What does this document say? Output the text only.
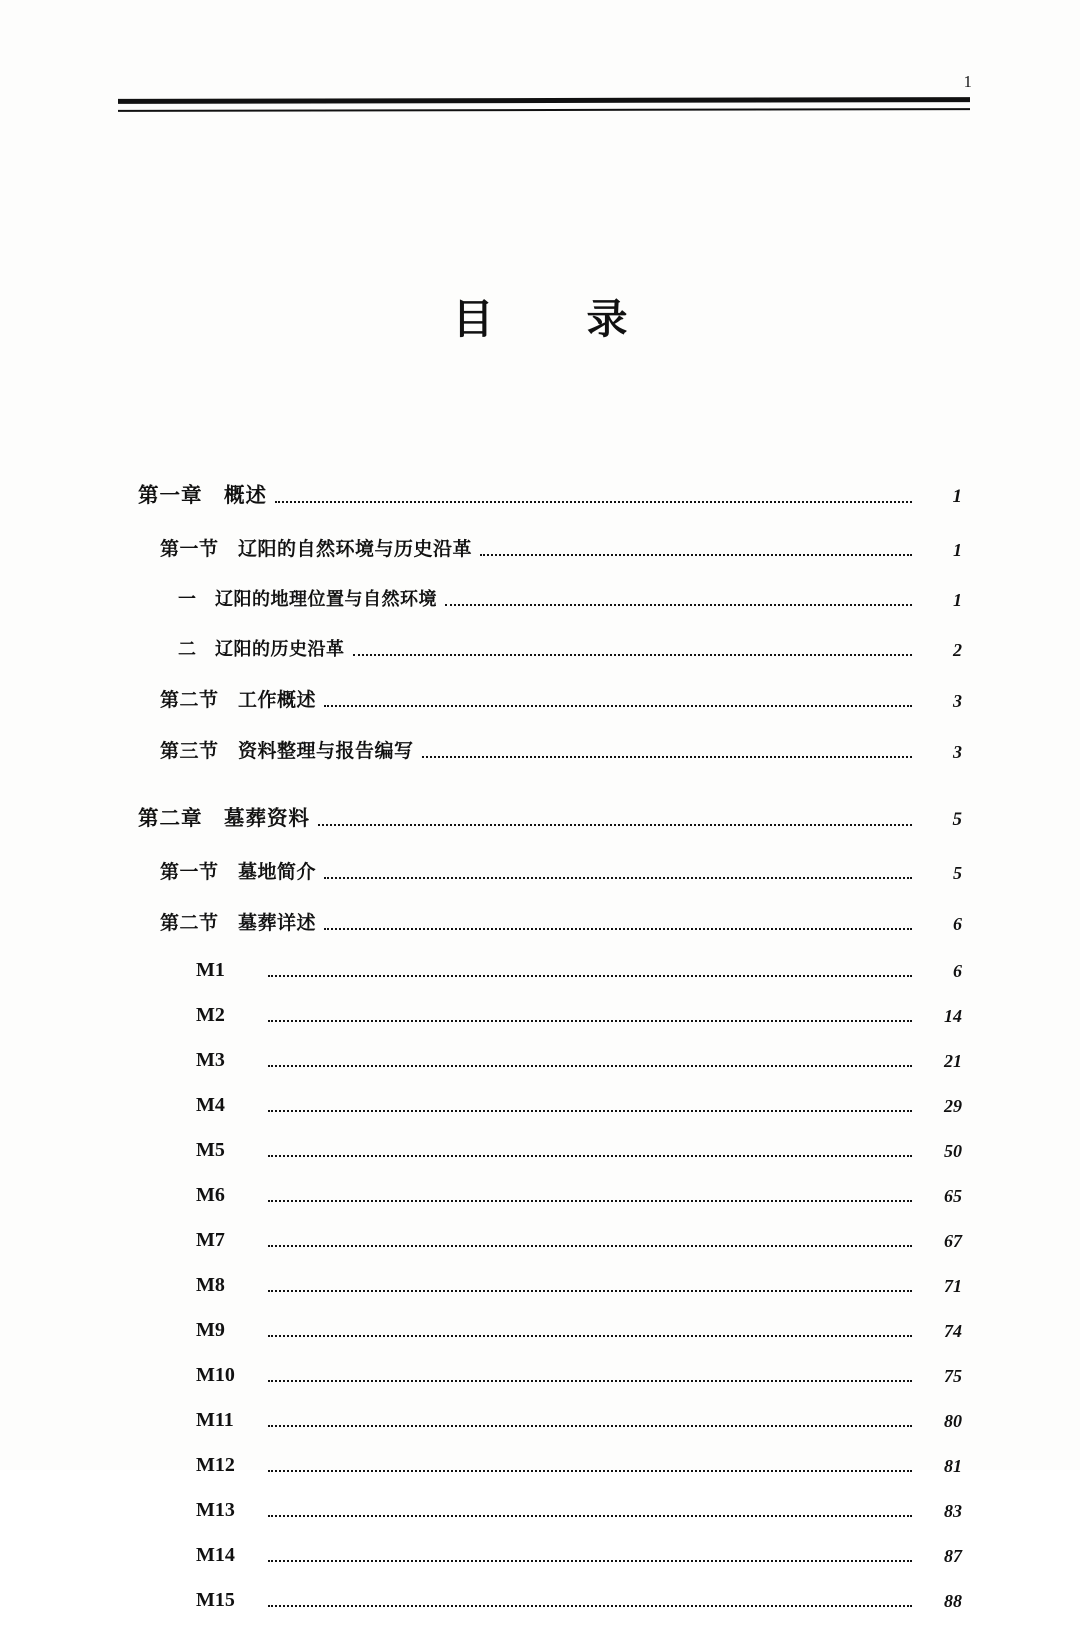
1
目　录
第一章　概述	1
第一节　辽阳的自然环境与历史沿革	1
一　辽阳的地理位置与自然环境	1
二　辽阳的历史沿革	2
第二节　工作概述	3
第三节　资料整理与报告编写	3
第二章　墓葬资料	5
第一节　墓地简介	5
第二节　墓葬详述	6
M1	6
M2	14
M3	21
M4	29
M5	50
M6	65
M7	67
M8	71
M9	74
M10	75
M11	80
M12	81
M13	83
M14	87
M15	88
